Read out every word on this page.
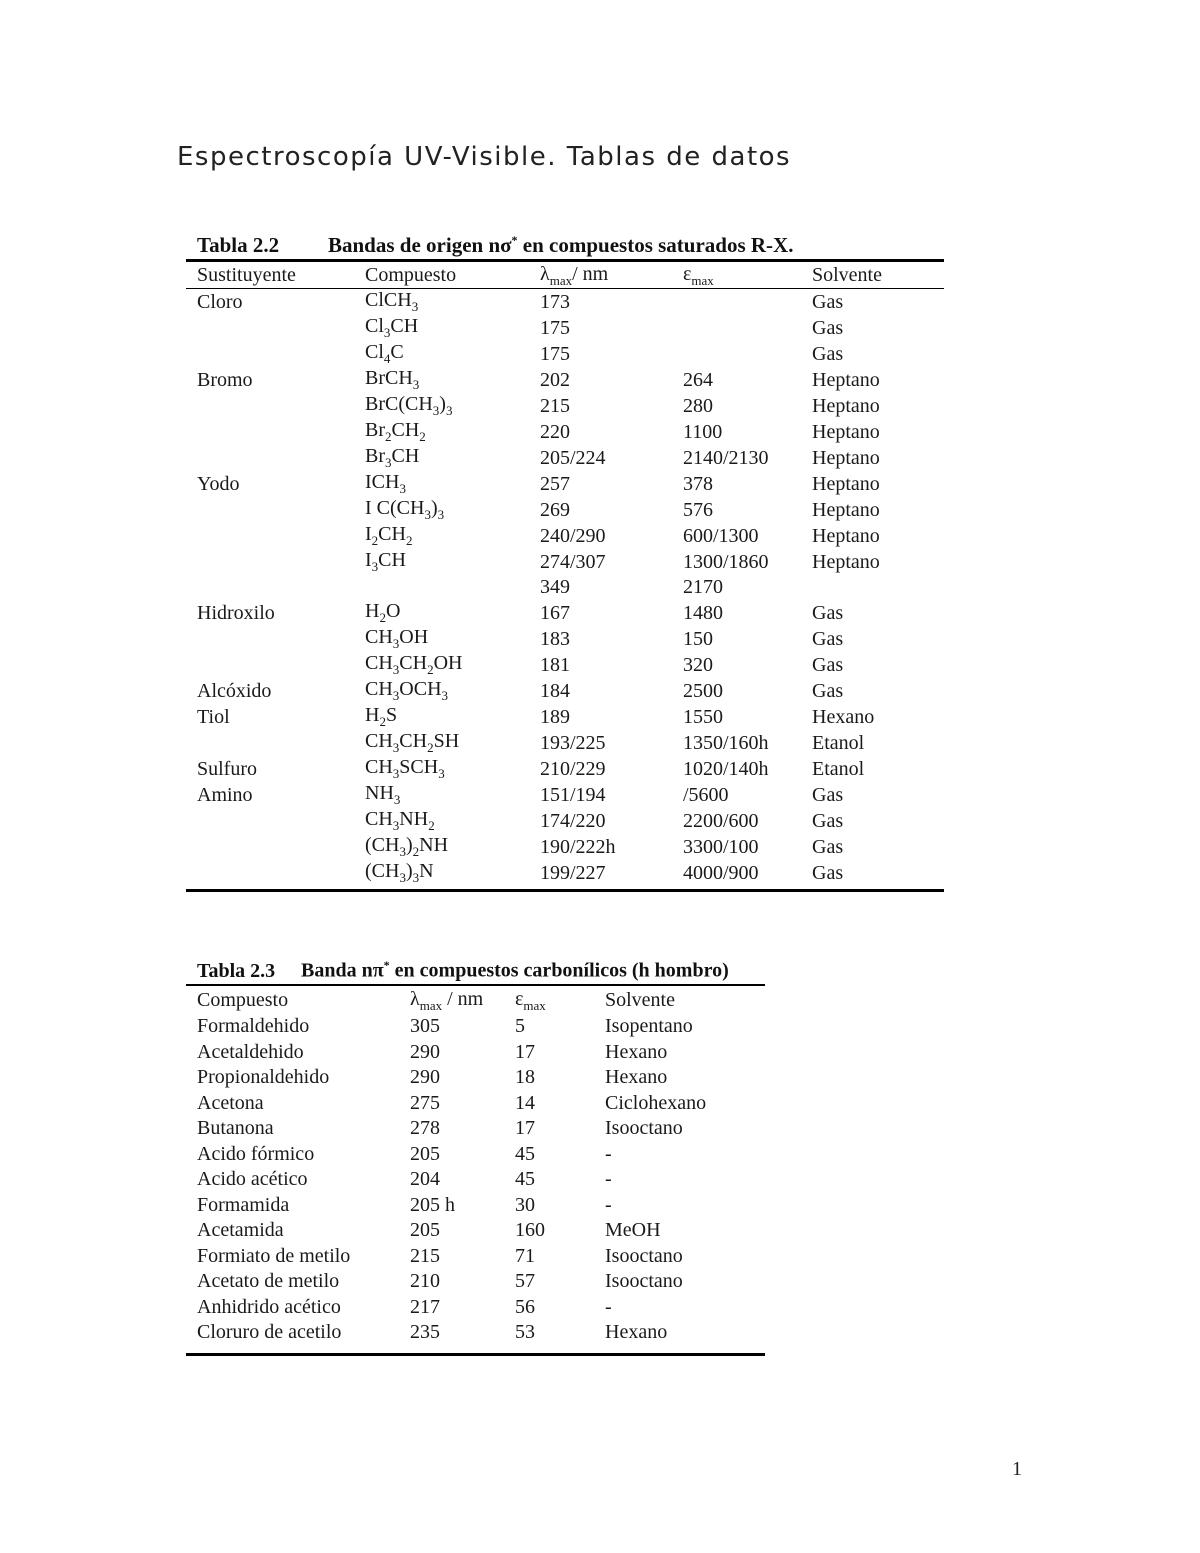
Espectroscopía UV-Visible. Tablas de datos
Tabla 2.2 Bandas de origen nσ* en compuestos saturados R-X.
Sustituyente	Compuesto	$\lambda_{max}/$ nm	$\varepsilon_{max}$	Solvente
Cloro	ClCH$_3$	173		Gas
	$Cl_3CH$	175		Gas
	$Cl_4C$	175		Gas
Bromo	BrCH$_3$	202	264	Heptano
	$BrC(CH_3)_3$	215	280	Heptano
	$Br_2CH_2$	220	1100	Heptano
	$Br_3CH$	205/224	2140/2130	Heptano
Yodo	$ICH_3$	257	378	Heptano
	I $C(CH_3)_3$	269	576	Heptano
	$I_2CH_2$	240/290	600/1300	Heptano
	$I_3CH$	274/307	1300/1860	Heptano
		349	2170	
Hidroxilo	$H_2O$	167	1480	Gas
	$CH_3OH$	183	150	Gas
	$CH_3CH_2OH$	181	320	Gas
Alcóxido	$CH_3OCH_3$	184	2500	Gas
Tiol	$H_2S$	189	1550	Hexano
	$CH_3CH_2SH$	193/225	1350/160h	Etanol
Sulfuro	$CH_3SCH_3$	210/229	1020/140h	Etanol
Amino	$NH_3$	151/194	/5600	Gas
	$CH_3NH_2$	174/220	2200/600	Gas
	$(CH_3)_2NH$	190/222h	3300/100	Gas
	$(CH_3)_3N$	199/227	4000/900	Gas
Tabla 2.3 Banda nπ* en compuestos carbonílicos (h hombro)
Compuesto	$\lambda_{max}$ / nm	$\varepsilon_{max}$	Solvente
Formaldehido	305	5	Isopentano
Acetaldehido	290	17	Hexano
Propionaldehido	290	18	Hexano
Acetona	275	14	Ciclohexano
Butanona	278	17	Isooctano
Acido fórmico	205	45	-
Acido acético	204	45	-
Formamida	205 h	30	-
Acetamida	205	160	MeOH
Formiato de metilo	215	71	Isooctano
Acetato de metilo	210	57	Isooctano
Anhidrido acético	217	56	-
Cloruro de acetilo	235	53	Hexano
1
